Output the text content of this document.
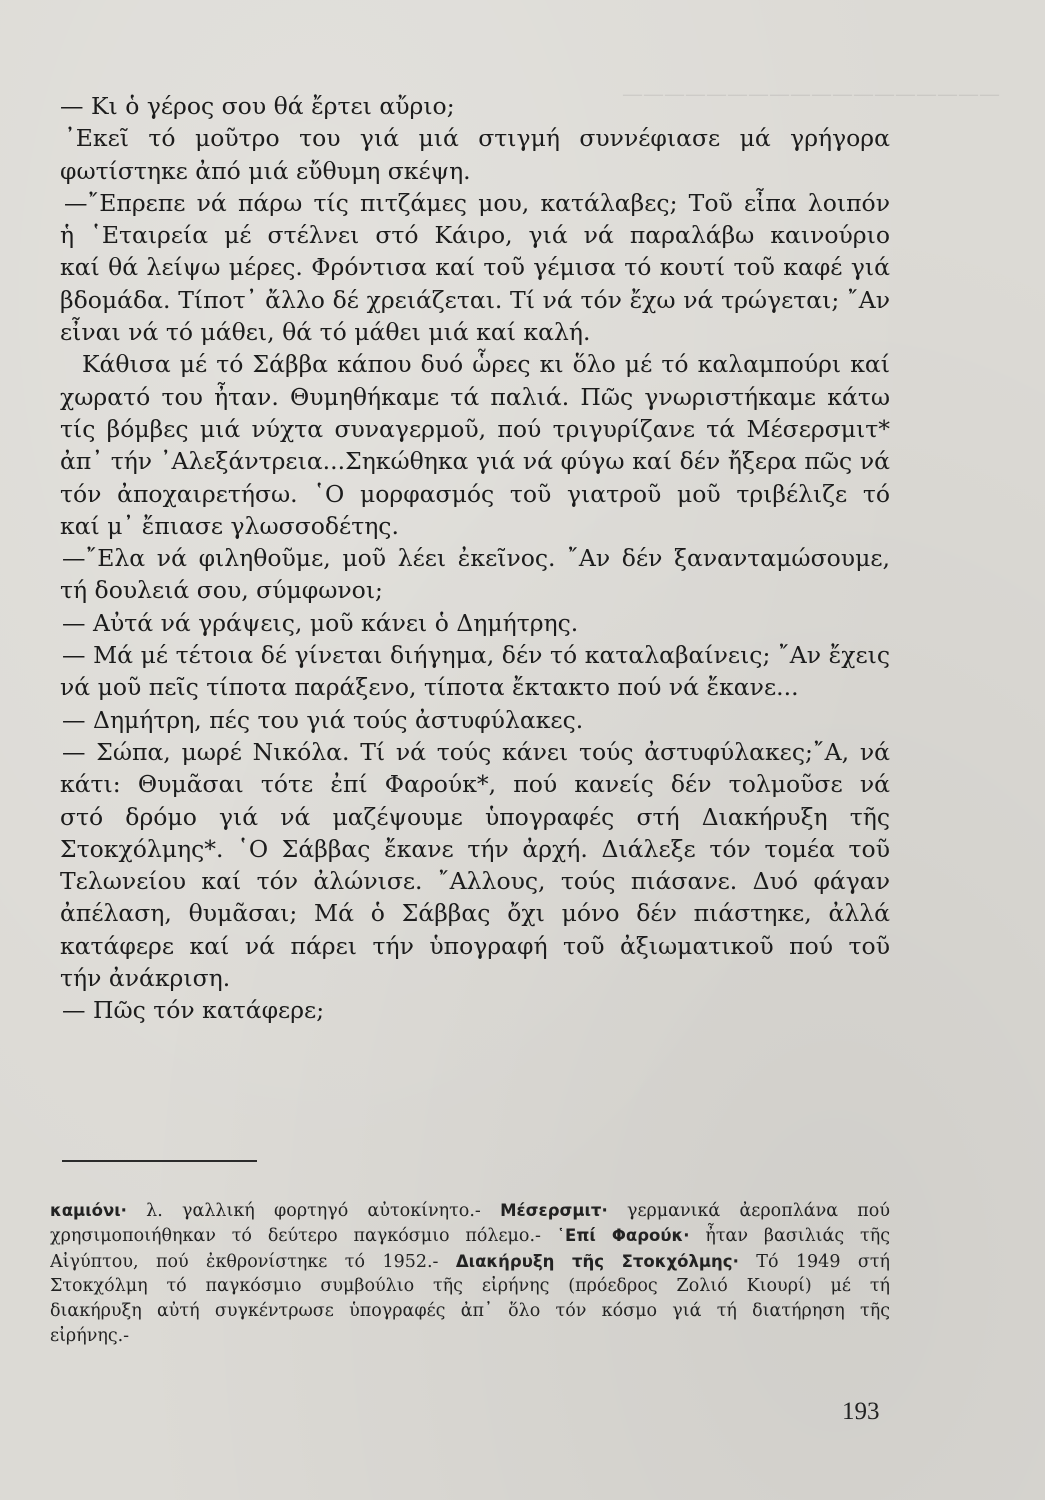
——————————————————
— Κι ὁ γέρος σου θά ἔρτει αὔριο;
᾿Εκεῖ τό μοῦτρο του γιά μιά στιγμή συννέφιασε μά γρήγορα
φωτίστηκε ἀπό μιά εὔθυμη σκέψη.
—῎Επρεπε νά πάρω τίς πιτζάμες μου, κατάλαβες; Τοῦ εἶπα λοιπόν
ἡ ῾Εταιρεία μέ στέλνει στό Κάιρο, γιά νά παραλάβω καινούριο
καί θά λείψω μέρες. Φρόντισα καί τοῦ γέμισα τό κουτί τοῦ καφέ γιά
βδομάδα. Τίποτ᾿ ἄλλο δέ χρειάζεται. Τί νά τόν ἔχω νά τρώγεται; ῎Αν
εἶναι νά τό μάθει, θά τό μάθει μιά καί καλή.
Κάθισα μέ τό Σάββα κάπου δυό ὧρες κι ὅλο μέ τό καλαμπούρι καί
χωρατό του ἦταν. Θυμηθήκαμε τά παλιά. Πῶς γνωριστήκαμε κάτω
τίς βόμβες μιά νύχτα συναγερμοῦ, πού τριγυρίζανε τά Μέσερσμιτ*
ἀπ᾿ τήν ᾿Αλεξάντρεια...Σηκώθηκα γιά νά φύγω καί δέν ἤξερα πῶς νά
τόν ἀποχαιρετήσω. ῾Ο μορφασμός τοῦ γιατροῦ μοῦ τριβέλιζε τό
καί μ᾿ ἔπιασε γλωσσοδέτης.
—῎Ελα νά φιληθοῦμε, μοῦ λέει ἐκεῖνος. ῎Αν δέν ξανανταμώσουμε,
τή δουλειά σου, σύμφωνοι;
— Αὐτά νά γράψεις, μοῦ κάνει ὁ Δημήτρης.
— Μά μέ τέτοια δέ γίνεται διήγημα, δέν τό καταλαβαίνεις; ῎Αν ἔχεις
νά μοῦ πεῖς τίποτα παράξενο, τίποτα ἔκτακτο πού νά ἔκανε...
— Δημήτρη, πές του γιά τούς ἀστυφύλακες.
— Σώπα, μωρέ Νικόλα. Τί νά τούς κάνει τούς ἀστυφύλακες;῎Α, νά
κάτι: Θυμᾶσαι τότε ἐπί Φαρούκ*, πού κανείς δέν τολμοῦσε νά
στό δρόμο γιά νά μαζέψουμε ὑπογραφές στή Διακήρυξη τῆς
Στοκχόλμης*. ῾Ο Σάββας ἔκανε τήν ἀρχή. Διάλεξε τόν τομέα τοῦ
Τελωνείου καί τόν ἀλώνισε. ῎Αλλους, τούς πιάσανε. Δυό φάγαν
ἀπέλαση, θυμᾶσαι; Μά ὁ Σάββας ὄχι μόνο δέν πιάστηκε, ἀλλά
κατάφερε καί νά πάρει τήν ὑπογραφή τοῦ ἀξιωματικοῦ πού τοῦ
τήν ἀνάκριση.
— Πῶς τόν κατάφερε;
καμιόνι· λ. γαλλική φορτηγό αὐτοκίνητο.- Μέσερσμιτ· γερμανικά ἀεροπλάνα πού
χρησιμοποιήθηκαν τό δεύτερο παγκόσμιο πόλεμο.- ῾Επί Φαρούκ· ἦταν βασιλιάς τῆς
Αἰγύπτου, πού ἐκθρονίστηκε τό 1952.- Διακήρυξη τῆς Στοκχόλμης· Τό 1949 στή
Στοκχόλμη τό παγκόσμιο συμβούλιο τῆς εἰρήνης (πρόεδρος Ζολιό Κιουρί) μέ τή
διακήρυξη αὐτή συγκέντρωσε ὑπογραφές ἀπ᾿ ὅλο τόν κόσμο γιά τή διατήρηση τῆς
εἰρήνης.-
193
